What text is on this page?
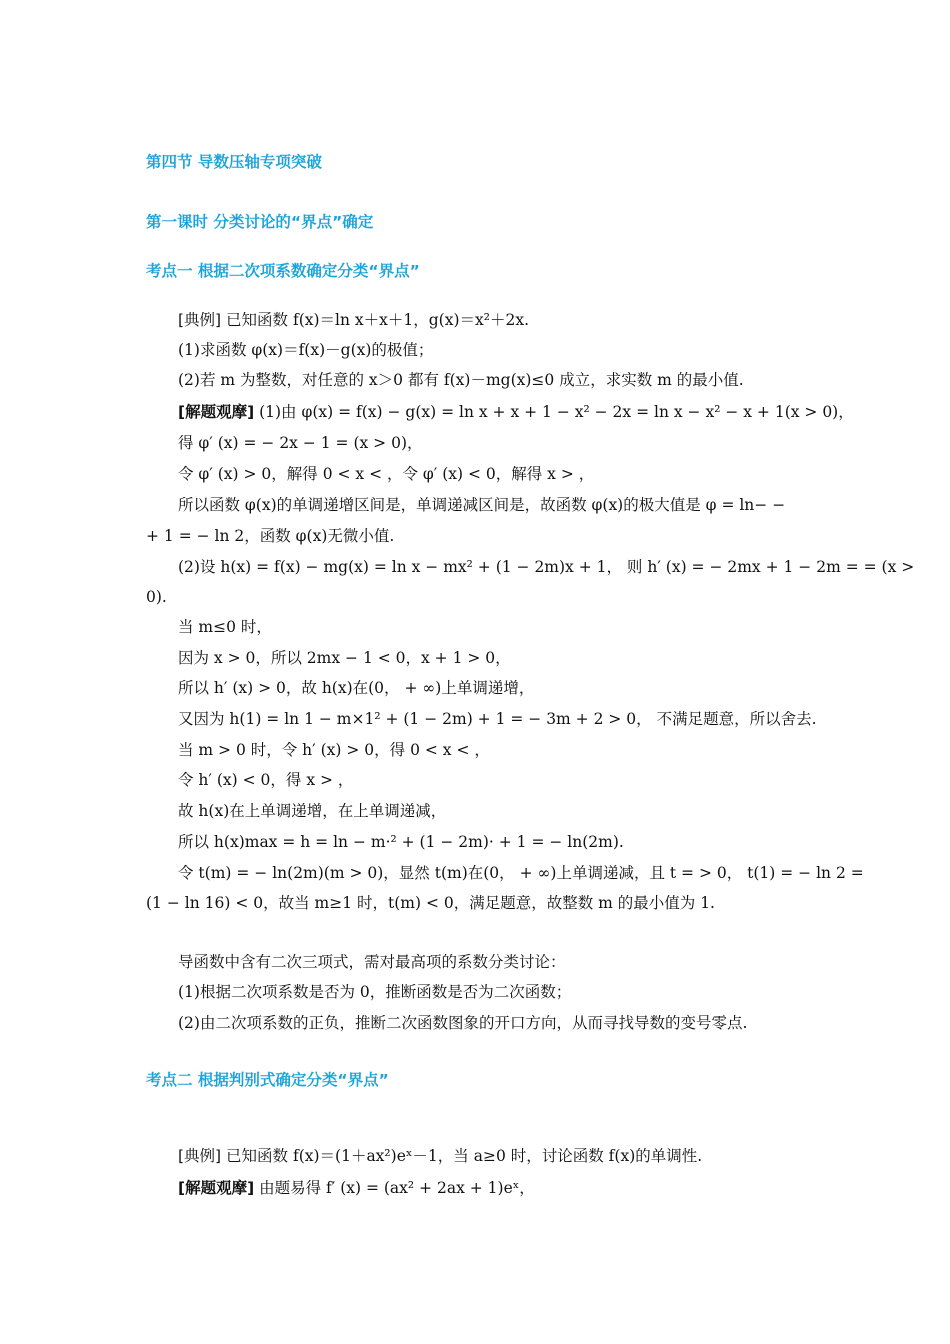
第四节 导数压轴专项突破
第一课时 分类讨论的“界点”确定
考点一 根据二次项系数确定分类“界点”
[典例] 已知函数 f(x)＝ln x＋x＋1，g(x)＝x²＋2x.
(1)求函数 φ(x)＝f(x)－g(x)的极值；
(2)若 m 为整数，对任意的 x＞0 都有 f(x)－mg(x)≤0 成立，求实数 m 的最小值.
[解题观摩] (1)由 φ(x) = f(x) − g(x) = ln x + x + 1 − x² − 2x = ln x − x² − x + 1(x > 0)，
得 φ′ (x) = − 2x − 1 = (x > 0)，
令 φ′ (x) > 0，解得 0 < x < ，令 φ′ (x) < 0，解得 x > ，
所以函数 φ(x)的单调递增区间是，单调递减区间是，故函数 φ(x)的极大值是 φ = ln− −
+ 1 = − ln 2，函数 φ(x)无微小值.
(2)设 h(x) = f(x) − mg(x) = ln x − mx² + (1 − 2m)x + 1， 则 h′ (x) = − 2mx + 1 − 2m = = (x >
0).
当 m≤0 时，
因为 x > 0，所以 2mx − 1 < 0，x + 1 > 0，
所以 h′ (x) > 0，故 h(x)在(0， + ∞)上单调递增，
又因为 h(1) = ln 1 − m×1² + (1 − 2m) + 1 = − 3m + 2 > 0， 不满足题意，所以舍去.
当 m > 0 时，令 h′ (x) > 0，得 0 < x < ，
令 h′ (x) < 0，得 x > ，
故 h(x)在上单调递增，在上单调递减，
所以 h(x)max = h = ln − m·² + (1 − 2m)· + 1 = − ln(2m).
令 t(m) = − ln(2m)(m > 0)，显然 t(m)在(0， + ∞)上单调递减，且 t = > 0， t(1) = − ln 2 =
(1 − ln 16) < 0，故当 m≥1 时，t(m) < 0，满足题意，故整数 m 的最小值为 1.
导函数中含有二次三项式，需对最高项的系数分类讨论：
(1)根据二次项系数是否为 0，推断函数是否为二次函数；
(2)由二次项系数的正负，推断二次函数图象的开口方向，从而寻找导数的变号零点.
考点二 根据判别式确定分类“界点”
[典例] 已知函数 f(x)＝(1＋ax²)eˣ－1，当 a≥0 时，讨论函数 f(x)的单调性.
[解题观摩] 由题易得 f′ (x) = (ax² + 2ax + 1)eˣ，
